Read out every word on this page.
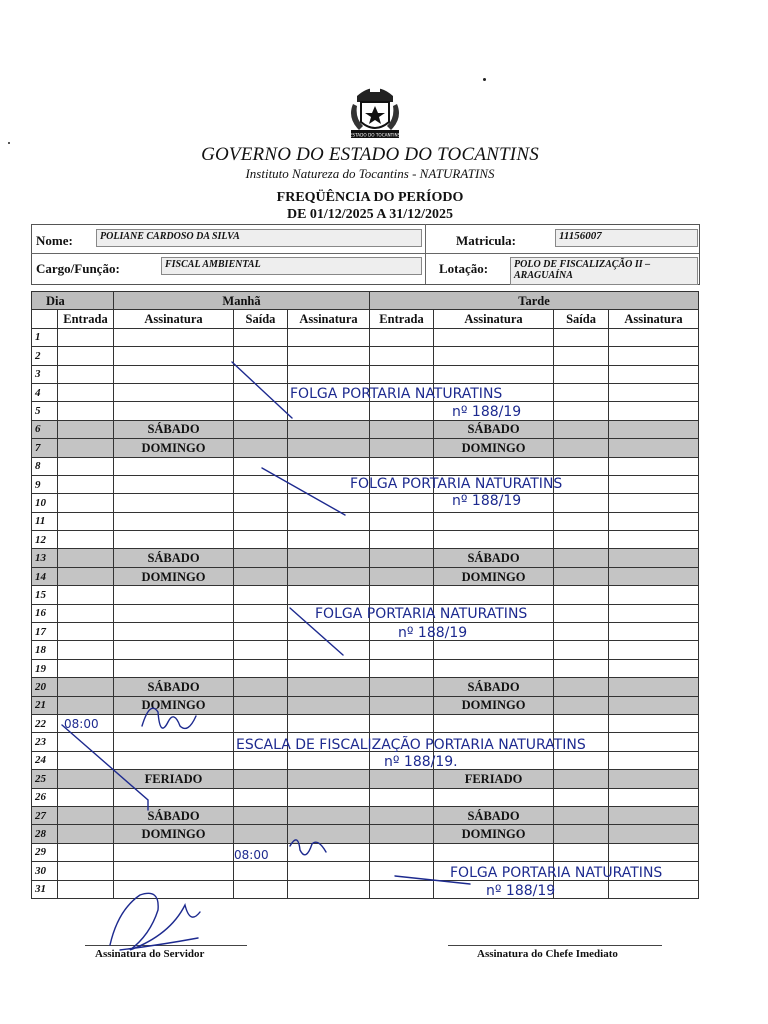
ESTADO DO TOCANTINS
GOVERNO DO ESTADO DO TOCANTINS
Instituto Natureza do Tocantins - NATURATINS
FREQÜÊNCIA DO PERÍODO
DE 01/12/2025 A 31/12/2025
Nome:	POLIANE CARDOSO DA SILVA	Matricula:	11156007
Cargo/Função:	FISCAL AMBIENTAL	Lotação:	POLO DE FISCALIZAÇÃO II –
ARAGUAÍNA
Dia		Manhã			Tarde			
	Entrada	Assinatura	Saída	Assinatura	Entrada	Assinatura	Saída	Assinatura
1								
2								
3								
4								
5								
6		SÁBADO				SÁBADO		
7		DOMINGO				DOMINGO		
8								
9								
10								
11								
12								
13		SÁBADO				SÁBADO		
14		DOMINGO				DOMINGO		
15								
16								
17								
18								
19								
20		SÁBADO				SÁBADO		
21		DOMINGO				DOMINGO		
22								
23								
24								
25		FERIADO				FERIADO		
26								
27		SÁBADO				SÁBADO		
28		DOMINGO				DOMINGO		
29								
30								
31								
Assinatura do Servidor	Assinatura do Chefe Imediato
FOLGA PORTARIA NATURATINS
nº 188/19
FOLGA PORTARIA NATURATINS
nº 188/19
FOLGA PORTARIA NATURATINS
nº 188/19
08:00
ESCALA DE FISCALIZAÇÃO PORTARIA NATURATINS
nº 188/19.
08:00
FOLGA PORTARIA NATURATINS
nº 188/19
